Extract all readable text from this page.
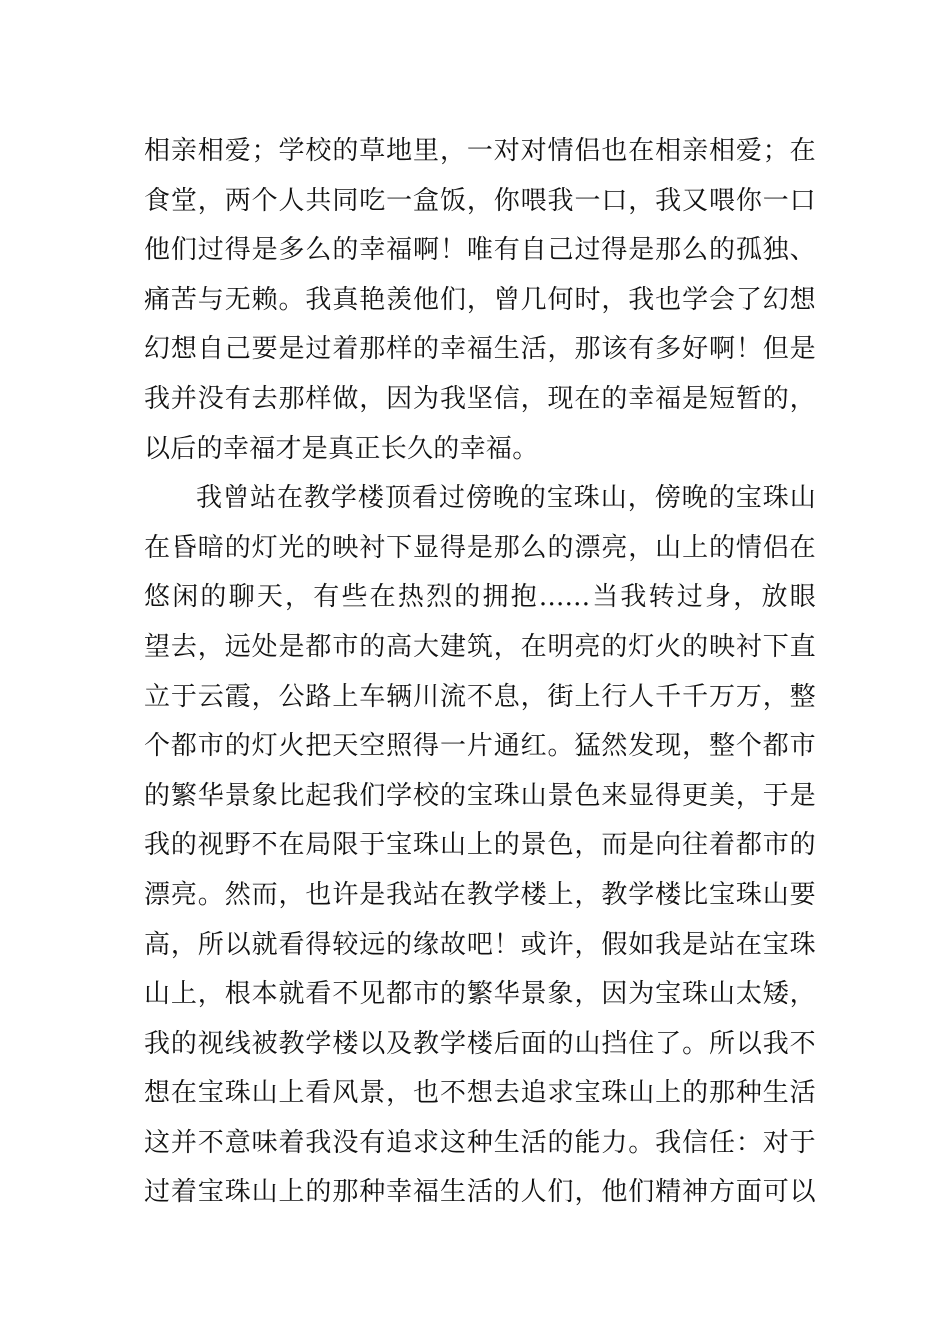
相亲相爱；学校的草地里，一对对情侣也在相亲相爱；在
食堂，两个人共同吃一盒饭，你喂我一口，我又喂你一口
他们过得是多么的幸福啊！唯有自己过得是那么的孤独、
痛苦与无赖。我真艳羡他们，曾几何时，我也学会了幻想
幻想自己要是过着那样的幸福生活，那该有多好啊！但是
我并没有去那样做，因为我坚信，现在的幸福是短暂的，
以后的幸福才是真正长久的幸福。
我曾站在教学楼顶看过傍晚的宝珠山，傍晚的宝珠山
在昏暗的灯光的映衬下显得是那么的漂亮，山上的情侣在
悠闲的聊天，有些在热烈的拥抱......当我转过身，放眼
望去，远处是都市的高大建筑，在明亮的灯火的映衬下直
立于云霞，公路上车辆川流不息，街上行人千千万万，整
个都市的灯火把天空照得一片通红。猛然发现，整个都市
的繁华景象比起我们学校的宝珠山景色来显得更美，于是
我的视野不在局限于宝珠山上的景色，而是向往着都市的
漂亮。然而，也许是我站在教学楼上，教学楼比宝珠山要
高，所以就看得较远的缘故吧！或许，假如我是站在宝珠
山上，根本就看不见都市的繁华景象，因为宝珠山太矮，
我的视线被教学楼以及教学楼后面的山挡住了。所以我不
想在宝珠山上看风景，也不想去追求宝珠山上的那种生活
这并不意味着我没有追求这种生活的能力。我信任：对于
过着宝珠山上的那种幸福生活的人们，他们精神方面可以
